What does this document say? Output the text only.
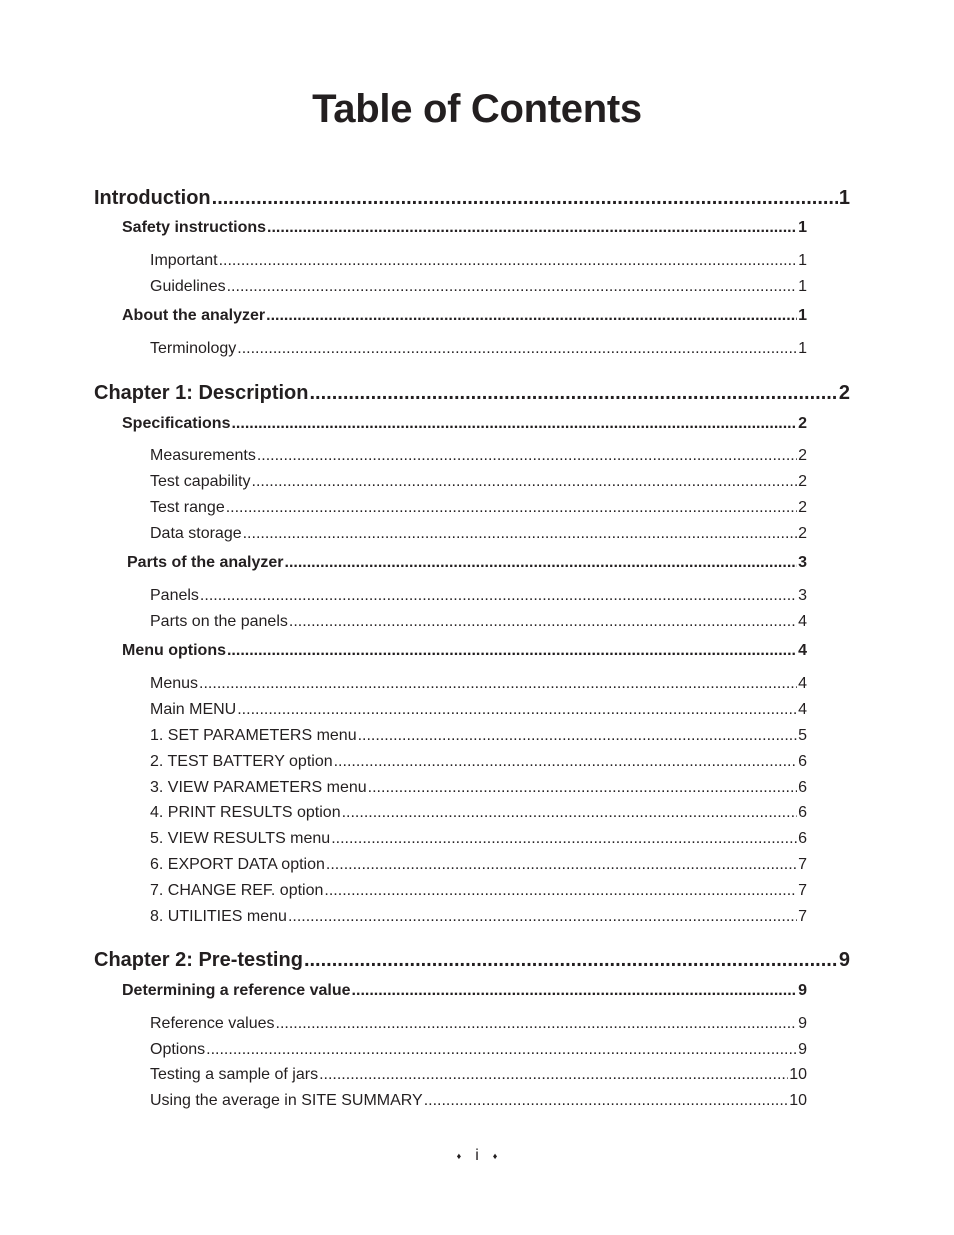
Table of Contents
Introduction .....	1
Safety instructions .....	1
Important .....	1
Guidelines .....	1
About the analyzer .....	1
Terminology .....	1
Chapter 1: Description .....	2
Specifications .....	2
Measurements .....	2
Test capability .....	2
Test range .....	2
Data storage .....	2
Parts of the analyzer .....	3
Panels .....	3
Parts on the panels .....	4
Menu options .....	4
Menus .....	4
Main MENU .....	4
1. SET PARAMETERS menu .....	5
2. TEST BATTERY option .....	6
3. VIEW PARAMETERS menu .....	6
4. PRINT RESULTS option .....	6
5. VIEW RESULTS menu .....	6
6. EXPORT DATA option .....	7
7. CHANGE REF. option .....	7
8. UTILITIES menu .....	7
Chapter 2: Pre-testing .....	9
Determining a reference value .....	9
Reference values .....	9
Options .....	9
Testing a sample of jars .....	10
Using the average in SITE SUMMARY .....	10
♦ i ♦
